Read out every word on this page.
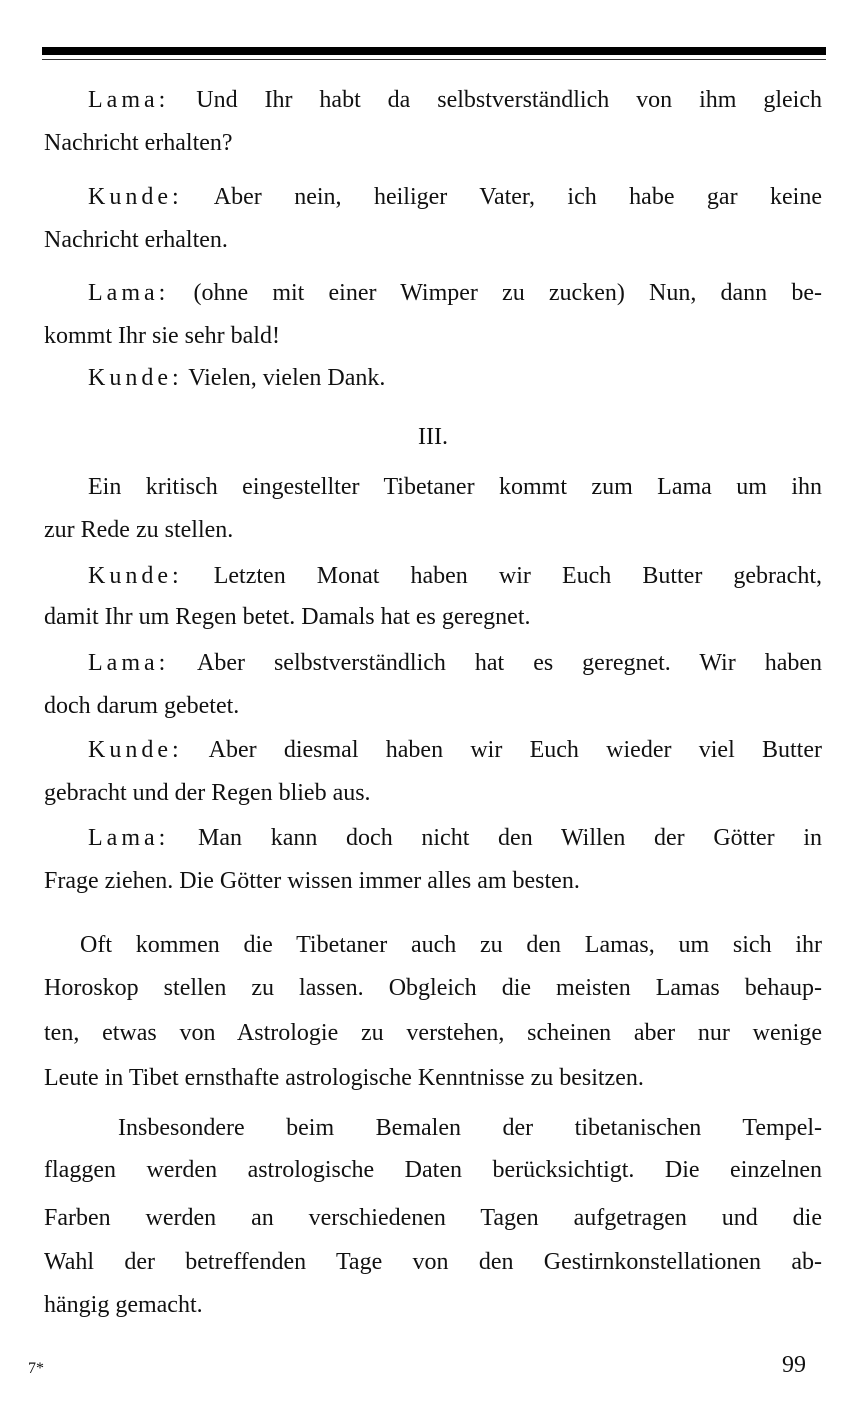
Lama: Und Ihr habt da selbstverständlich von ihm gleich
Nachricht erhalten?
Kunde: Aber nein, heiliger Vater, ich habe gar keine
Nachricht erhalten.
Lama: (ohne mit einer Wimper zu zucken) Nun, dann be-
kommt Ihr sie sehr bald!
Kunde: Vielen, vielen Dank.
III.
Ein kritisch eingestellter Tibetaner kommt zum Lama um ihn
zur Rede zu stellen.
Kunde: Letzten Monat haben wir Euch Butter gebracht,
damit Ihr um Regen betet. Damals hat es geregnet.
Lama: Aber selbstverständlich hat es geregnet. Wir haben
doch darum gebetet.
Kunde: Aber diesmal haben wir Euch wieder viel Butter
gebracht und der Regen blieb aus.
Lama: Man kann doch nicht den Willen der Götter in
Frage ziehen. Die Götter wissen immer alles am besten.
Oft kommen die Tibetaner auch zu den Lamas, um sich ihr
Horoskop stellen zu lassen. Obgleich die meisten Lamas behaup-
ten, etwas von Astrologie zu verstehen, scheinen aber nur wenige
Leute in Tibet ernsthafte astrologische Kenntnisse zu besitzen.
Insbesondere beim Bemalen der tibetanischen Tempel-
flaggen werden astrologische Daten berücksichtigt. Die einzelnen
Farben werden an verschiedenen Tagen aufgetragen und die
Wahl der betreffenden Tage von den Gestirnkonstellationen ab-
hängig gemacht.
7*	99
